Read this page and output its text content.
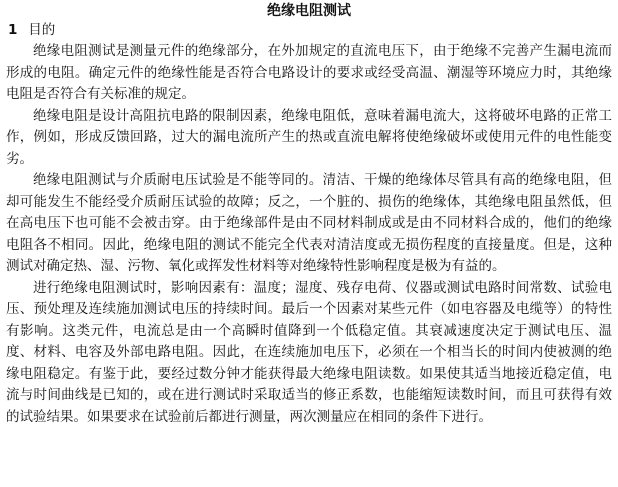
绝缘电阻测试
1 目的

绝缘电阻测试是测量元件的绝缘部分，在外加规定的直流电压下，由于绝缘不完善产生漏电流而形成的电阻。确定元件的绝缘性能是否符合电路设计的要求或经受高温、潮湿等环境应力时，其绝缘电阻是否符合有关标准的规定。

绝缘电阻是设计高阻抗电路的限制因素，绝缘电阻低，意味着漏电流大，这将破坏电路的正常工作，例如，形成反馈回路，过大的漏电流所产生的热或直流电解将使绝缘破坏或使用元件的电性能变劣。

绝缘电阻测试与介质耐电压试验是不能等同的。清洁、干燥的绝缘体尽管具有高的绝缘电阻，但却可能发生不能经受介质耐压试验的故障；反之，一个脏的、损伤的绝缘体，其绝缘电阻虽然低，但在高电压下也可能不会被击穿。由于绝缘部件是由不同材料制成或是由不同材料合成的，他们的绝缘电阻各不相同。因此，绝缘电阻的测试不能完全代表对清洁度或无损伤程度的直接量度。但是，这种测试对确定热、湿、污物、氧化或挥发性材料等对绝缘特性影响程度是极为有益的。

进行绝缘电阻测试时，影响因素有：温度；湿度、残存电荷、仪器或测试电路时间常数、试验电压、预处理及连续施加测试电压的持续时间。最后一个因素对某些元件（如电容器及电缆等）的特性有影响。这类元件，电流总是由一个高瞬时值降到一个低稳定值。其衰减速度决定于测试电压、温度、材料、电容及外部电路电阻。因此，在连续施加电压下，必须在一个相当长的时间内使被测的绝缘电阻稳定。有鉴于此，要经过数分钟才能获得最大绝缘电阻读数。如果使其适当地接近稳定值，电流与时间曲线是已知的，或在进行测试时采取适当的修正系数，也能缩短读数时间，而且可获得有效的试验结果。如果要求在试验前后都进行测量，两次测量应在相同的条件下进行。
